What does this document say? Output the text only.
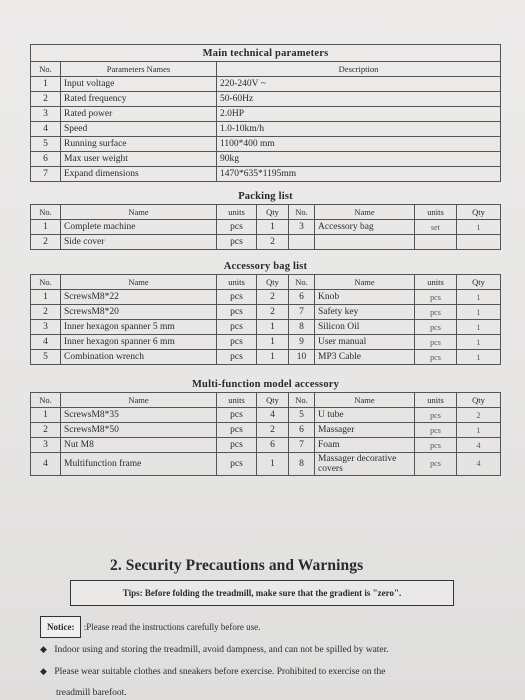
Main technical parameters		
No.	Parameters Names	Description
1	Input voltage	220-240V ~
2	Rated frequency	50-60Hz
3	Rated power	2.0HP
4	Speed	1.0-10km/h
5	Running surface	1100*400 mm
6	Max user weight	90kg
7	Expand dimensions	1470*635*1195mm
Packing list							
No.	Name	units	Qty	No.	Name	units	Qty
1	Complete machine	pcs	1	3	Accessory bag	set	1
2	Side cover	pcs	2				
Accessory bag list							
No.	Name	units	Qty	No.	Name	units	Qty
1	ScrewsM8*22	pcs	2	6	Knob	pcs	1
2	ScrewsM8*20	pcs	2	7	Safety key	pcs	1
3	Inner hexagon spanner 5 mm	pcs	1	8	Silicon Oil	pcs	1
4	Inner hexagon spanner 6 mm	pcs	1	9	User manual	pcs	1
5	Combination wrench	pcs	1	10	MP3 Cable	pcs	1
Multi-function model accessory							
No.	Name	units	Qty	No.	Name	units	Qty
1	ScrewsM8*35	pcs	4	5	U tube	pcs	2
2	ScrewsM8*50	pcs	2	6	Massager	pcs	1
3	Nut M8	pcs	6	7	Foam	pcs	4
4	Multifunction frame	pcs	1	8	Massager decorative covers	pcs	4
2. Security Precautions and Warnings
Tips: Before folding the treadmill, make sure that the gradient is "zero".
Notice: :Please read the instructions carefully before use.
◆ Indoor using and storing the treadmill, avoid dampness, and can not be spilled by water.
◆ Please wear suitable clothes and sneakers before exercise. Prohibited to exercise on the
treadmill barefoot.
